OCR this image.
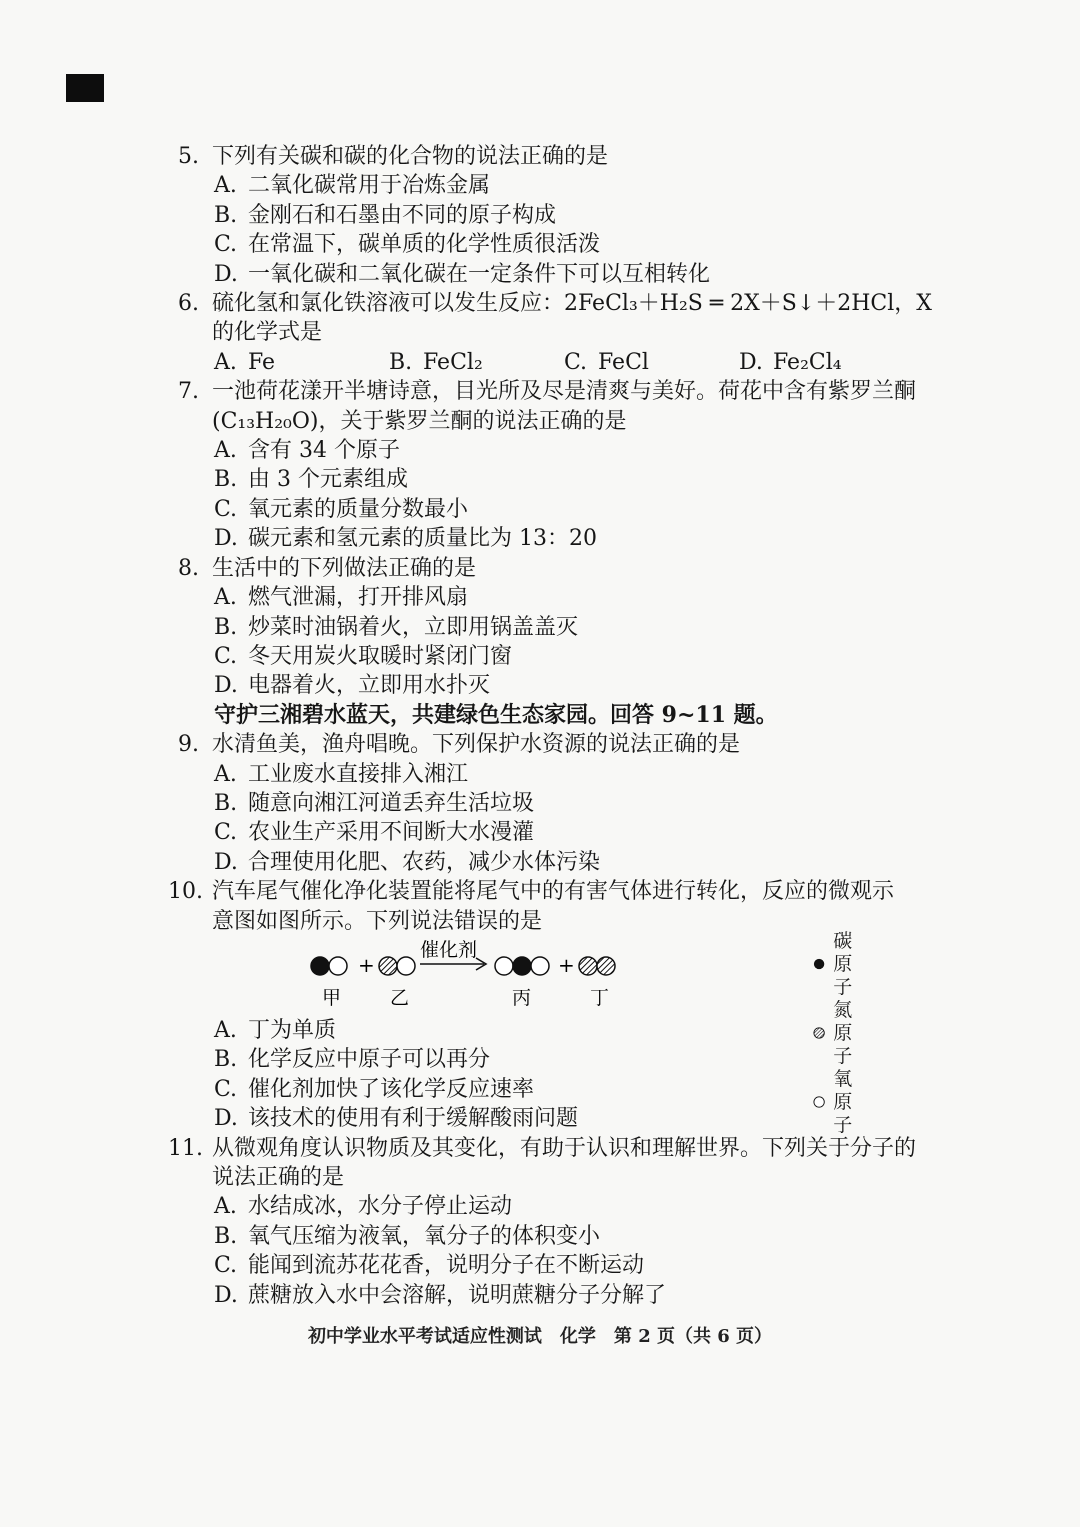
5. 下列有关碳和碳的化合物的说法正确的是
A. 二氧化碳常用于冶炼金属
B. 金刚石和石墨由不同的原子构成
C. 在常温下，碳单质的化学性质很活泼
D. 一氧化碳和二氧化碳在一定条件下可以互相转化
6. 硫化氢和氯化铁溶液可以发生反应：2FeCl₃＋H₂S ═ 2X＋S↓＋2HCl，X
的化学式是
A. Fe	B. FeCl₂	C. FeCl	D. Fe₂Cl₄
7. 一池荷花漾开半塘诗意，目光所及尽是清爽与美好。荷花中含有紫罗兰酮
(C₁₃H₂₀O)，关于紫罗兰酮的说法正确的是
A. 含有 34 个原子
B. 由 3 个元素组成
C. 氧元素的质量分数最小
D. 碳元素和氢元素的质量比为 13：20
8. 生活中的下列做法正确的是
A. 燃气泄漏，打开排风扇
B. 炒菜时油锅着火，立即用锅盖盖灭
C. 冬天用炭火取暖时紧闭门窗
D. 电器着火，立即用水扑灭
守护三湘碧水蓝天，共建绿色生态家园。回答 9~11 题。
9. 水清鱼美，渔舟唱晚。下列保护水资源的说法正确的是
A. 工业废水直接排入湘江
B. 随意向湘江河道丢弃生活垃圾
C. 农业生产采用不间断大水漫灌
D. 合理使用化肥、农药，减少水体污染
10. 汽车尾气催化净化装置能将尾气中的有害气体进行转化，反应的微观示
意图如图所示。下列说法错误的是
+
催化剂
+
甲	乙	丙	丁
碳原子
氮原子
氧原子
A. 丁为单质
B. 化学反应中原子可以再分
C. 催化剂加快了该化学反应速率
D. 该技术的使用有利于缓解酸雨问题
11. 从微观角度认识物质及其变化，有助于认识和理解世界。下列关于分子的
说法正确的是
A. 水结成冰，水分子停止运动
B. 氧气压缩为液氧，氧分子的体积变小
C. 能闻到流苏花花香，说明分子在不断运动
D. 蔗糖放入水中会溶解，说明蔗糖分子分解了
初中学业水平考试适应性测试　化学　第 2 页（共 6 页）
